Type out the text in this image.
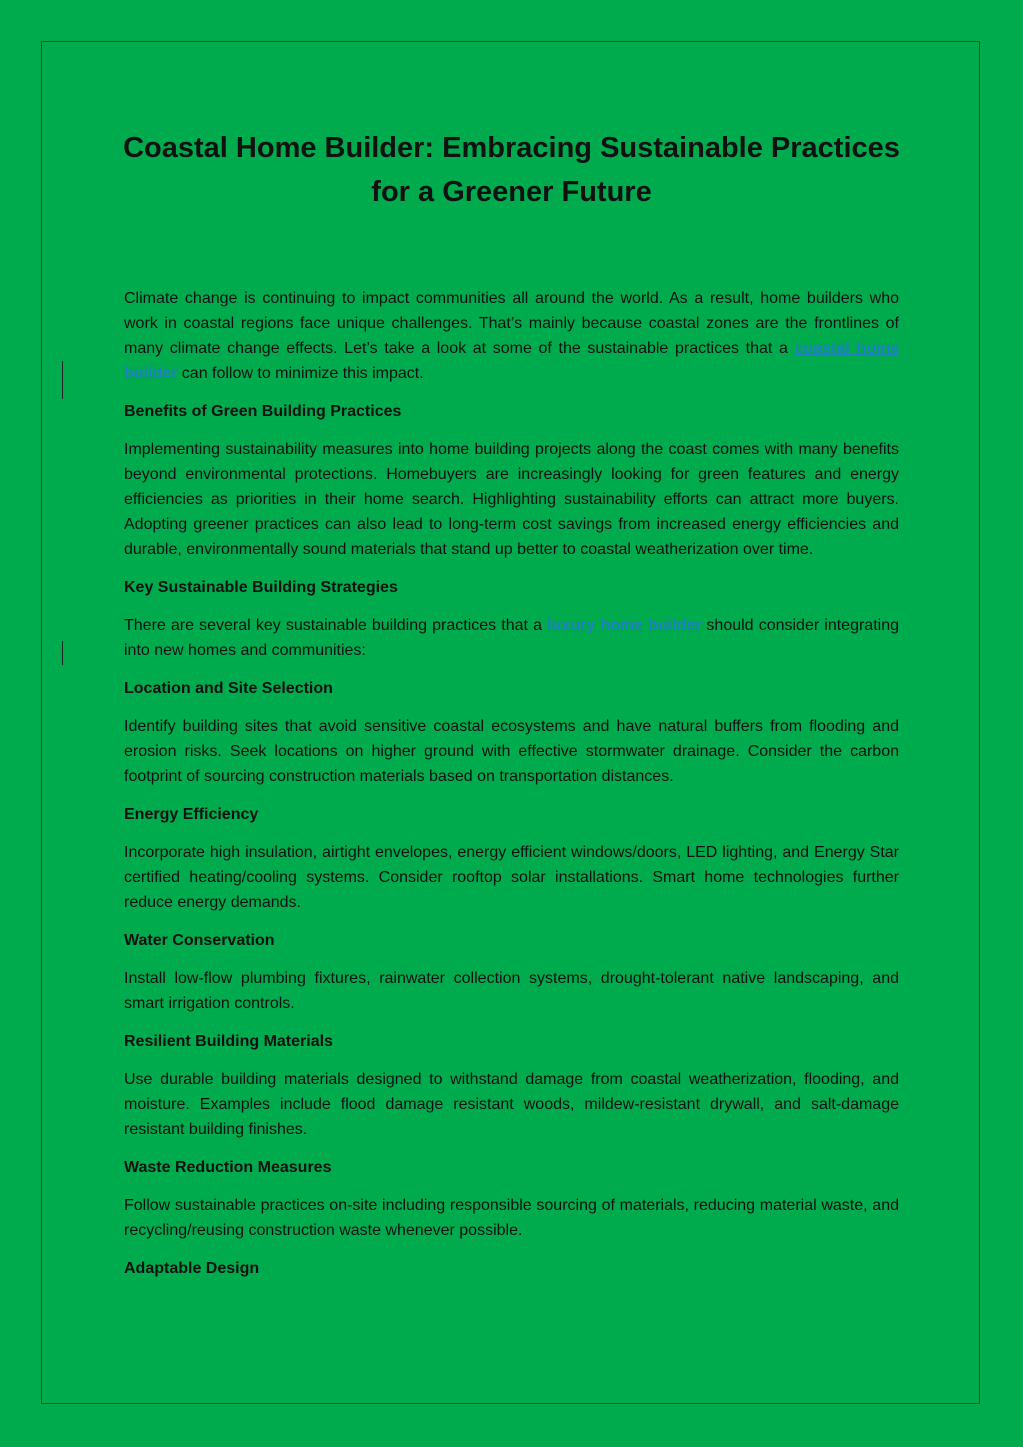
Coastal Home Builder: Embracing Sustainable Practices for a Greener Future

Climate change is continuing to impact communities all around the world. As a result, home builders who work in coastal regions face unique challenges. That’s mainly because coastal zones are the frontlines of many climate change effects. Let’s take a look at some of the sustainable practices that a coastal home builder can follow to minimize this impact.

Benefits of Green Building Practices

Implementing sustainability measures into home building projects along the coast comes with many benefits beyond environmental protections. Homebuyers are increasingly looking for green features and energy efficiencies as priorities in their home search. Highlighting sustainability efforts can attract more buyers. Adopting greener practices can also lead to long-term cost savings from increased energy efficiencies and durable, environmentally sound materials that stand up better to coastal weatherization over time.

Key Sustainable Building Strategies

There are several key sustainable building practices that a luxury home builder should consider integrating into new homes and communities:

Location and Site Selection

Identify building sites that avoid sensitive coastal ecosystems and have natural buffers from flooding and erosion risks. Seek locations on higher ground with effective stormwater drainage. Consider the carbon footprint of sourcing construction materials based on transportation distances.

Energy Efficiency

Incorporate high insulation, airtight envelopes, energy efficient windows/doors, LED lighting, and Energy Star certified heating/cooling systems. Consider rooftop solar installations. Smart home technologies further reduce energy demands.

Water Conservation

Install low-flow plumbing fixtures, rainwater collection systems, drought-tolerant native landscaping, and smart irrigation controls.

Resilient Building Materials

Use durable building materials designed to withstand damage from coastal weatherization, flooding, and moisture. Examples include flood damage resistant woods, mildew-resistant drywall, and salt-damage resistant building finishes.

Waste Reduction Measures

Follow sustainable practices on-site including responsible sourcing of materials, reducing material waste, and recycling/reusing construction waste whenever possible.

Adaptable Design
